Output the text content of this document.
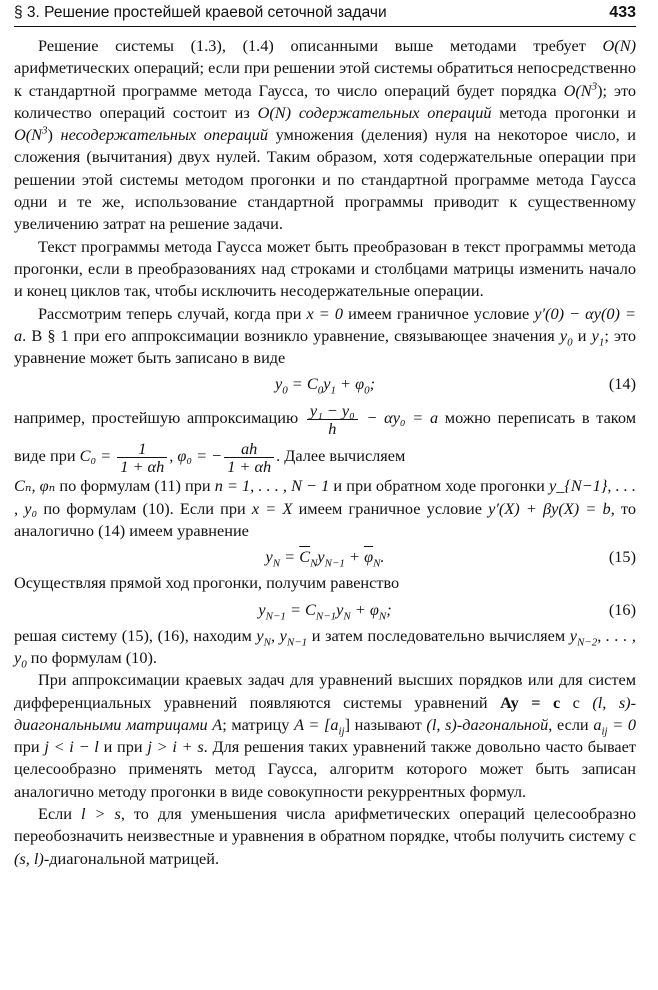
§ 3. Решение простейшей краевой сеточной задачи	433

Решение системы (1.3), (1.4) описанными выше методами требует O(N) арифметических операций; если при решении этой системы обратиться непосредственно к стандартной программе метода Гаусса, то число операций будет порядка $O(N^3)$; это количество операций состоит из O(N) содержательных операций метода прогонки и $O(N^3)$ несодержательных операций умножения (деления) нуля на некоторое число, и сложения (вычитания) двух нулей. Таким образом, хотя содержательные операции при решении этой системы методом прогонки и по стандартной программе метода Гаусса одни и те же, использование стандартной программы приводит к существенному увеличению затрат на решение задачи.

Текст программы метода Гаусса может быть преобразован в текст программы метода прогонки, если в преобразованиях над строками и столбцами матрицы изменить начало и конец циклов так, чтобы исключить несодержательные операции.

Рассмотрим теперь случай, когда при x = 0 имеем граничное условие y′(0) − αy(0) = a. В § 1 при его аппроксимации возникло уравнение, связывающее значения $y_0$ и $y_1$; это уравнение может быть записано в виде

$y_0 = C_0y_1 + \varphi_0$;	(14)

например, простейшую аппроксимацию $\frac{\text{y₁ − y₀}}{h} - \alpha y_0 = a$ можно переписать в таком виде при $C_0 = \frac{1}{1 + \alpha h}$ , φ₀ = − $\frac{ah}{1 + \alpha h}$ . Далее вычисляем

Cₙ, φₙ по формулам (11) при n = 1, . . . , N − 1 и при обратном ходе прогонки y_{N−1}, . . . , y₀ по формулам (10). Если при x = X имеем граничное условие y′(X) + βy(X) = b, то аналогично (14) имеем уравнение

$y_N = \overline{C}_Ny_{N-1} + \overline{\varphi}_N$.	(15)

Осуществляя прямой ход прогонки, получим равенство

$y_{N-1} = C_{N-1}y_N + \varphi_N$;	(16)

решая систему (15), (16), находим $y_N$, $y_{N-1}$ и затем последовательно вычисляем $y_{N-2}$, . . . , $y_0$ по формулам (10).

При аппроксимации краевых задач для уравнений высших порядков или для систем дифференциальных уравнений появляются системы уравнений Ay = c с (l, s)-диагональными матрицами A; матрицу $A = [a_{ij}]$ называют (l, s)-дагональной, если $a_{ij} = 0$ при j < i − l и при j > i + s. Для решения таких уравнений также довольно часто бывает целесообразно применять метод Гаусса, алгоритм которого может быть записан аналогично методу прогонки в виде совокупности рекуррентных формул.

Если l > s, то для уменьшения числа арифметических операций целесообразно переобозначить неизвестные и уравнения в обратном порядке, чтобы получить систему с (s, l)-диагональной матрицей.
